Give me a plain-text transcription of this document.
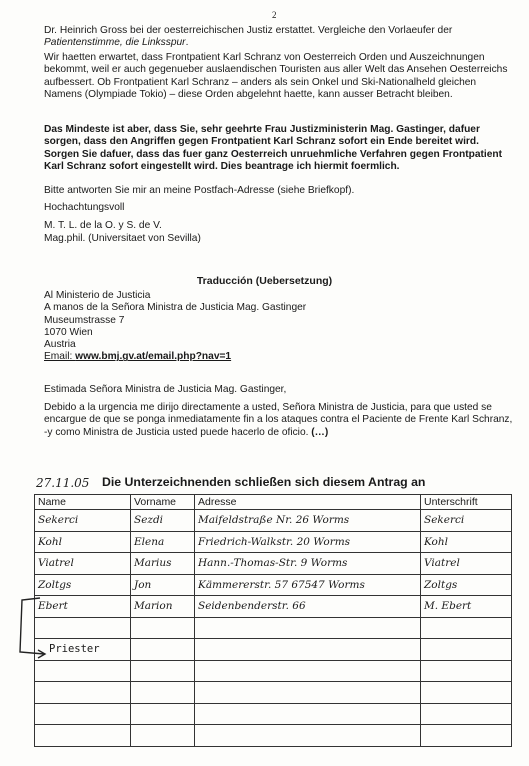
2

Dr. Heinrich Gross bei der oesterreichischen Justiz erstattet. Vergleiche den Vorlaeufer der Patientenstimme, die Linksspur.

Wir haetten erwartet, dass Frontpatient Karl Schranz von Oesterreich Orden und Auszeichnungen bekommt, weil er auch gegenueber auslaendischen Touristen aus aller Welt das Ansehen Oesterreichs aufbessert. Ob Frontpatient Karl Schranz – anders als sein Onkel und Ski-Nationalheld gleichen Namens (Olympiade Tokio) – diese Orden abgelehnt haette, kann ausser Betracht bleiben.
Das Mindeste ist aber, dass Sie, sehr geehrte Frau Justizministerin Mag. Gastinger, dafuer sorgen, dass den Angriffen gegen Frontpatient Karl Schranz sofort ein Ende bereitet wird. Sorgen Sie dafuer, dass das fuer ganz Oesterreich unruehmliche Verfahren gegen Frontpatient Karl Schranz sofort eingestellt wird. Dies beantrage ich hiermit foermlich.
Bitte antworten Sie mir an meine Postfach-Adresse (siehe Briefkopf).
Hochachtungsvoll
M. T. L. de la O. y S. de V.
Mag.phil. (Universitaet von Sevilla)
Traducción (Uebersetzung)

Al Ministerio de Justicia

A manos de la Señora Ministra de Justicia Mag. Gastinger

Museumstrasse 7

1070 Wien

Austria

Email: www.bmj.gv.at/email.php?nav=1

Estimada Señora Ministra de Justicia Mag. Gastinger,

Debido a la urgencia me dirijo directamente a usted, Señora Ministra de Justicia, para que usted se encargue de que se ponga inmediatamente fin a los ataques contra el Paciente de Frente Karl Schranz, -y como Ministra de Justicia usted puede hacerlo de oficio. (…)

27.11.05 Die Unterzeichnenden schließen sich diesem Antrag an
Name	Vorname	Adresse	Unterschrift
Sekerci	Sezdi	Maifeldstraße Nr. 26 Worms	Sekerci
Kohl	Elena	Friedrich-Walkstr. 20 Worms	Kohl
Viatrel	Marius	Hann.-Thomas-Str. 9 Worms	Viatrel
Zoltgs	Jon	Kämmererstr. 57 67547 Worms	Zoltgs
Ebert	Marion	Seidenbenderstr. 66	M. Ebert

Priester			
